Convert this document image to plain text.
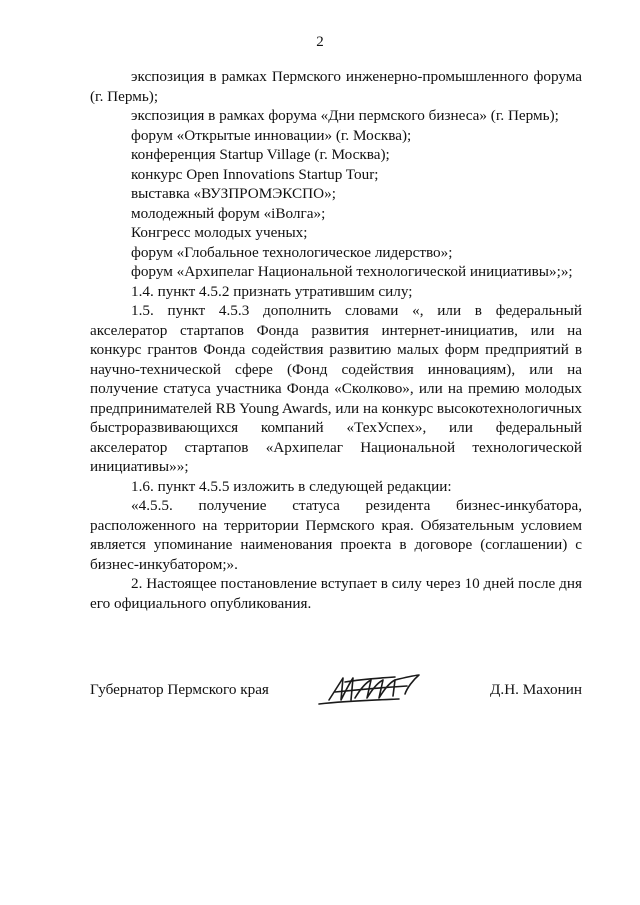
2

экспозиция в рамках Пермского инженерно-промышленного форума (г. Пермь);

экспозиция в рамках форума «Дни пермского бизнеса» (г. Пермь);

форум «Открытые инновации» (г. Москва);

конференция Startup Village (г. Москва);

конкурс Open Innovations Startup Tour;

выставка «ВУЗПРОМЭКСПО»;

молодежный форум «iВолга»;

Конгресс молодых ученых;

форум «Глобальное технологическое лидерство»;

форум «Архипелаг Национальной технологической инициативы»;»;

1.4. пункт 4.5.2 признать утратившим силу;

1.5. пункт 4.5.3 дополнить словами «, или в федеральный акселератор стартапов Фонда развития интернет-инициатив, или на конкурс грантов Фонда содействия развитию малых форм предприятий в научно-технической сфере (Фонд содействия инновациям), или на получение статуса участника Фонда «Сколково», или на премию молодых предпринимателей RB Young Awards, или на конкурс высокотехнологичных быстроразвивающихся компаний «ТехУспех», или федеральный акселератор стартапов «Архипелаг Национальной технологической инициативы»»;

1.6. пункт 4.5.5 изложить в следующей редакции:

«4.5.5. получение статуса резидента бизнес-инкубатора, расположенного на территории Пермского края. Обязательным условием является упоминание наименования проекта в договоре (соглашении) с бизнес-инкубатором;».

2. Настоящее постановление вступает в силу через 10 дней после дня его официального опубликования.

Губернатор Пермского края	Д.Н. Махонин
